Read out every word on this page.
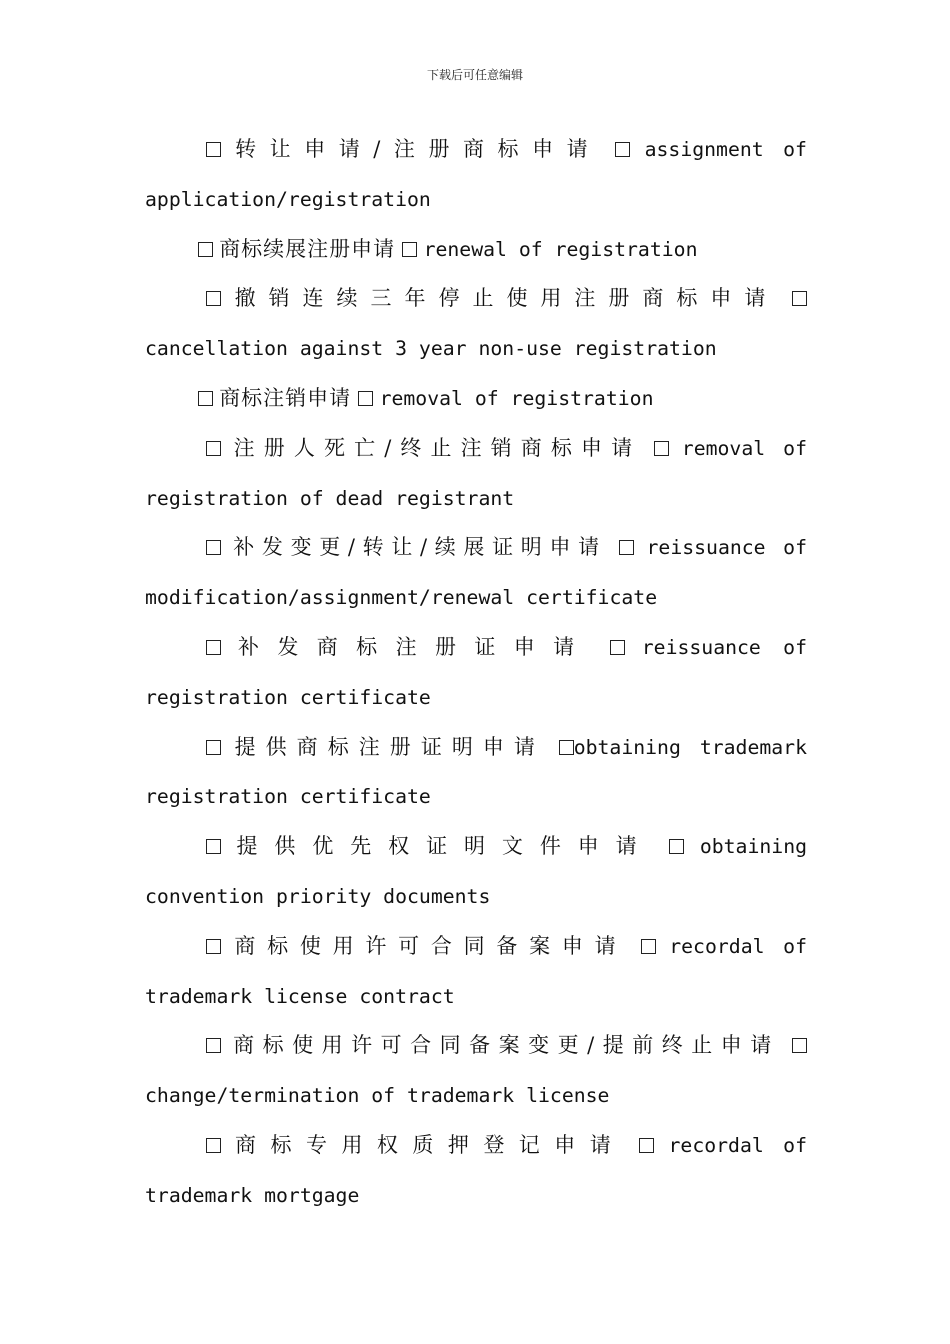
下载后可任意编辑

转让申请/注册商标申请 assignment of application/registration

商标续展注册申请 renewal of registration

撤销连续三年停止使用注册商标申请  cancellation against 3 year non-use registration

商标注销申请 removal of registration

注册人死亡/终止注销商标申请 removal of registration of dead registrant

补发变更/转让/续展证明申请 reissuance of modification/assignment/renewal certificate

补发商标注册证申请 reissuance of registration certificate

提供商标注册证明申请 obtaining trademark registration certificate

提供优先权证明文件申请 obtaining convention priority documents

商标使用许可合同备案申请 recordal of trademark license contract

商标使用许可合同备案变更/提前终止申请  change/termination of trademark license

商标专用权质押登记申请 recordal of trademark mortgage
